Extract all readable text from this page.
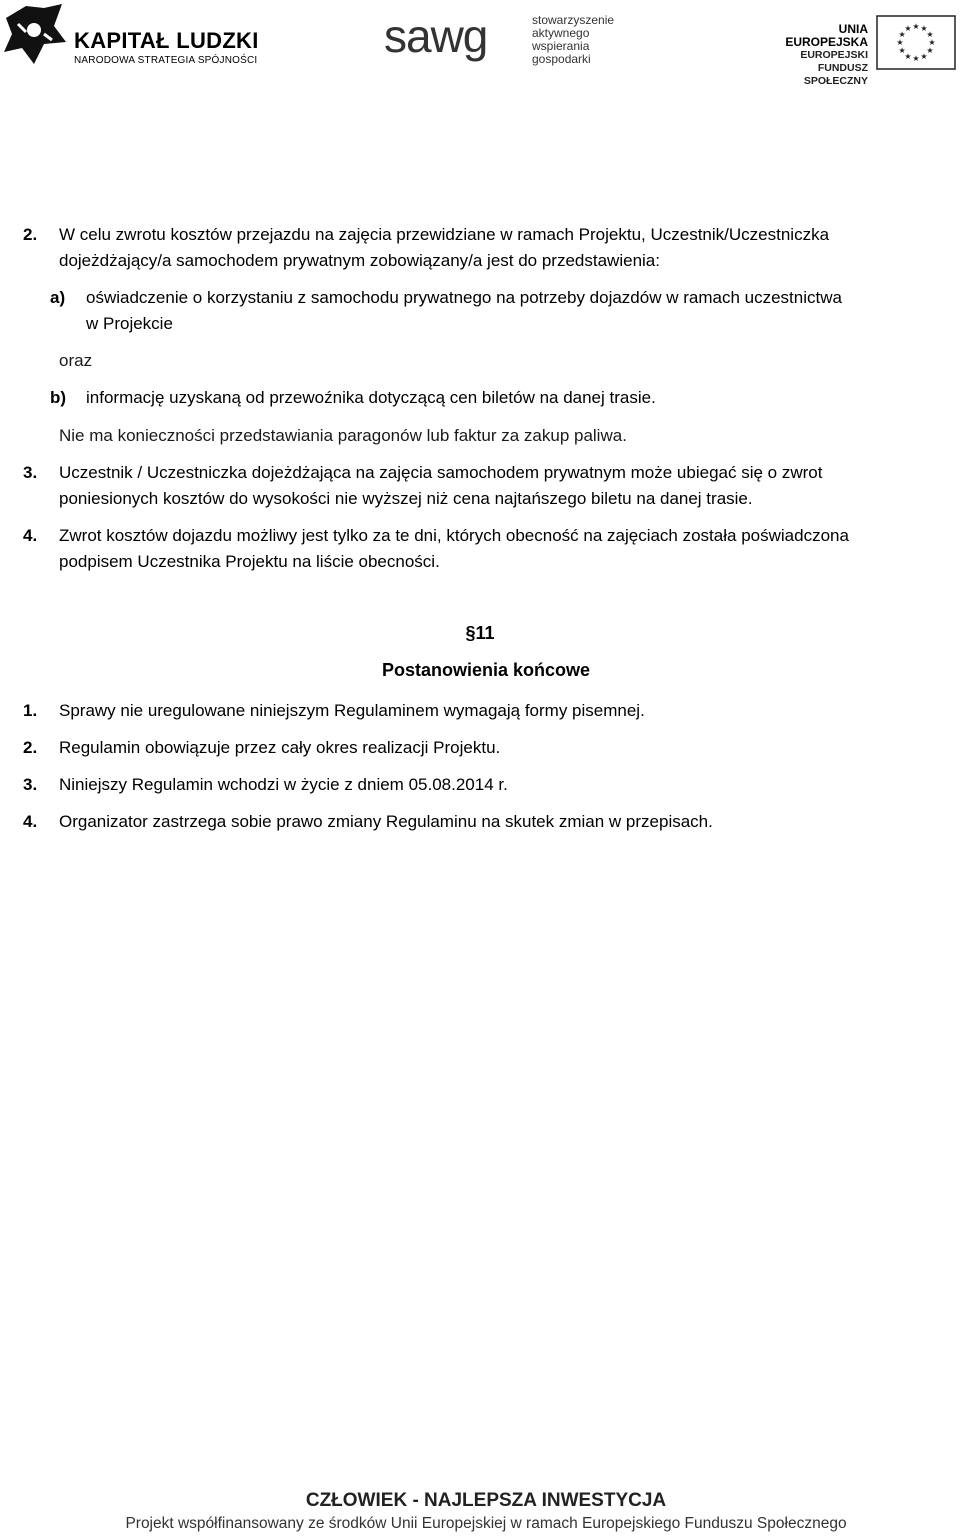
KAPITAŁ LUDZKI
NARODOWA STRATEGIA SPÓJNOŚCI	sawg	stowarzyszenie
aktywnego
wspierania
gospodarki
UNIA EUROPEJSKA
EUROPEJSKI
FUNDUSZ SPOŁECZNY
★ ★
★
★
★
★
★
★
★
★
★
★
2. W celu zwrotu kosztów przejazdu na zajęcia przewidziane w ramach Projektu, Uczestnik/Uczestniczka
dojeżdżający/a samochodem prywatnym zobowiązany/a jest do przedstawienia:
a) oświadczenie o korzystaniu z samochodu prywatnego na potrzeby dojazdów w ramach uczestnictwa
w Projekcie
oraz
b) informację uzyskaną od przewoźnika dotyczącą cen biletów na danej trasie.
Nie ma konieczności przedstawiania paragonów lub faktur za zakup paliwa.
3. Uczestnik / Uczestniczka dojeżdżająca na zajęcia samochodem prywatnym może ubiegać się o zwrot
poniesionych kosztów do wysokości nie wyższej niż cena najtańszego biletu na danej trasie.
4. Zwrot kosztów dojazdu możliwy jest tylko za te dni, których obecność na zajęciach została poświadczona
podpisem Uczestnika Projektu na liście obecności.
§11
Postanowienia końcowe
1. Sprawy nie uregulowane niniejszym Regulaminem wymagają formy pisemnej.
2. Regulamin obowiązuje przez cały okres realizacji Projektu.
3. Niniejszy Regulamin wchodzi w życie z dniem 05.08.2014 r.
4. Organizator zastrzega sobie prawo zmiany Regulaminu na skutek zmian w przepisach.
CZŁOWIEK - NAJLEPSZA INWESTYCJA
Projekt współfinansowany ze środków Unii Europejskiej w ramach Europejskiego Funduszu Społecznego
